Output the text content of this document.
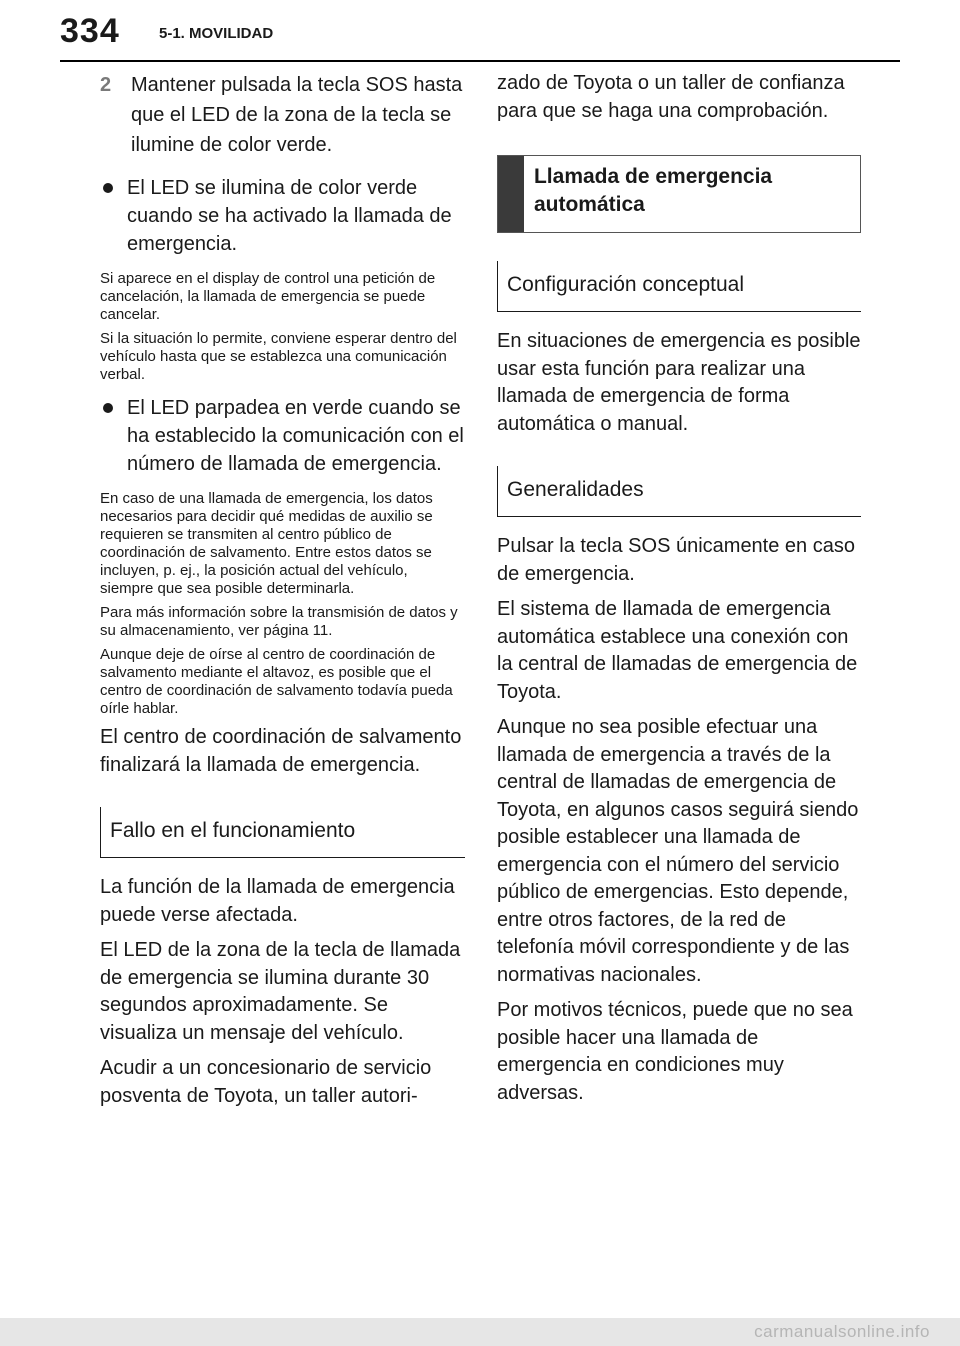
334	5-1. MOVILIDAD
2 Mantener pulsada la tecla SOS hasta que el LED de la zona de la tecla se ilumine de color verde.
El LED se ilumina de color verde cuando se ha activado la llamada de emergencia.

Si aparece en el display de control una petición de cancelación, la llamada de emergencia se puede cancelar.

Si la situación lo permite, conviene esperar dentro del vehículo hasta que se establezca una comunicación verbal.

El LED parpadea en verde cuando se ha establecido la comunicación con el número de llamada de emergencia.

En caso de una llamada de emergencia, los datos necesarios para decidir qué medidas de auxilio se requieren se transmiten al centro público de coordinación de salvamento. Entre estos datos se incluyen, p. ej., la posición actual del vehículo, siempre que sea posible determinarla.

Para más información sobre la transmisión de datos y su almacenamiento, ver página 11.

Aunque deje de oírse al centro de coordinación de salvamento mediante el altavoz, es posible que el centro de coordinación de salvamento todavía pueda oírle hablar.

El centro de coordinación de salvamento finalizará la llamada de emergencia.

Fallo en el funcionamiento

La función de la llamada de emergencia puede verse afectada.

El LED de la zona de la tecla de llamada de emergencia se ilumina durante 30 segundos aproximadamente. Se visualiza un mensaje del vehículo.

Acudir a un concesionario de servicio posventa de Toyota, un taller autori-

zado de Toyota o un taller de confianza para que se haga una comprobación.

Llamada de emergencia automática
Configuración conceptual

En situaciones de emergencia es posible usar esta función para realizar una llamada de emergencia de forma automática o manual.

Generalidades

Pulsar la tecla SOS únicamente en caso de emergencia.

El sistema de llamada de emergencia automática establece una conexión con la central de llamadas de emergencia de Toyota.

Aunque no sea posible efectuar una llamada de emergencia a través de la central de llamadas de emergencia de Toyota, en algunos casos seguirá siendo posible establecer una llamada de emergencia con el número del servicio público de emergencias. Esto depende, entre otros factores, de la red de telefonía móvil correspondiente y de las normativas nacionales.

Por motivos técnicos, puede que no sea posible hacer una llamada de emergencia en condiciones muy adversas.

carmanualsonline.info
